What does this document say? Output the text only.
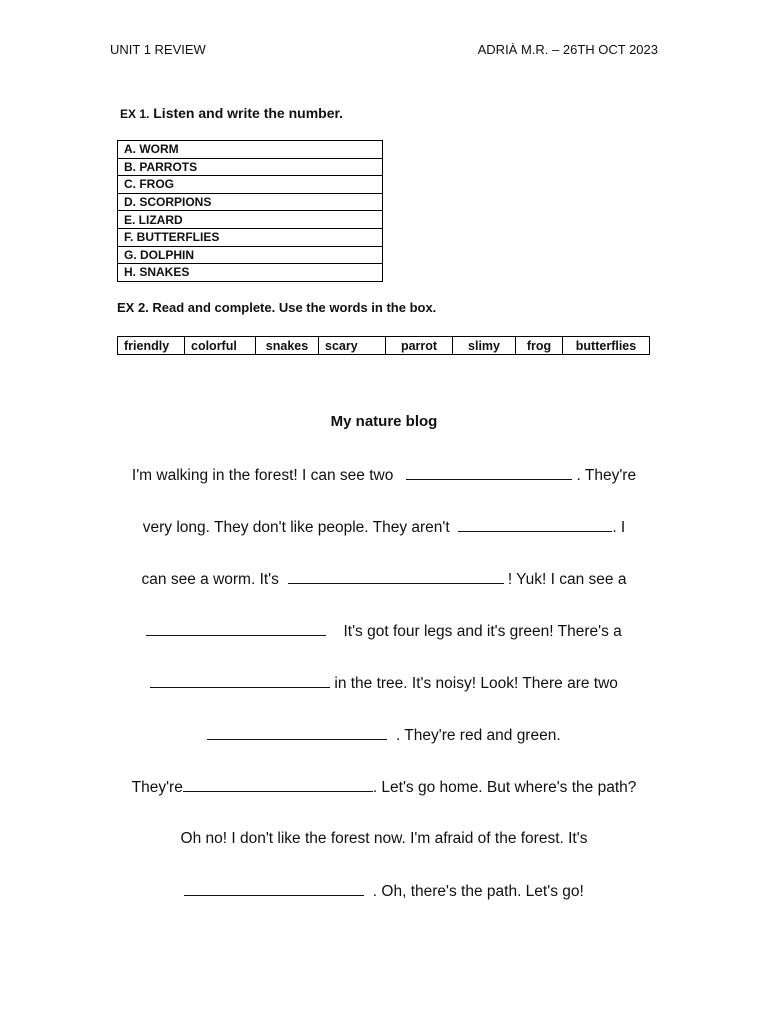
UNIT 1 REVIEW	ADRIÀ M.R. – 26TH OCT 2023
EX 1. Listen and write the number.
A. WORM
B. PARROTS
C. FROG
D. SCORPIONS
E. LIZARD
F. BUTTERFLIES
G. DOLPHIN
H. SNAKES
EX 2. Read and complete. Use the words in the box.
friendly	colorful	snakes	scary	parrot	slimy	frog	butterflies
My nature blog
I'm walking in the forest! I can see two	. They're
very long. They don't like people. They aren't	. I
can see a worm. It's	! Yuk! I can see a
It's got four legs and it's green! There's a
in the tree. It's noisy! Look! There are two
. They're red and green.
They're	. Let's go home. But where's the path?
Oh no! I don't like the forest now. I'm afraid of the forest. It's
. Oh, there's the path. Let's go!
